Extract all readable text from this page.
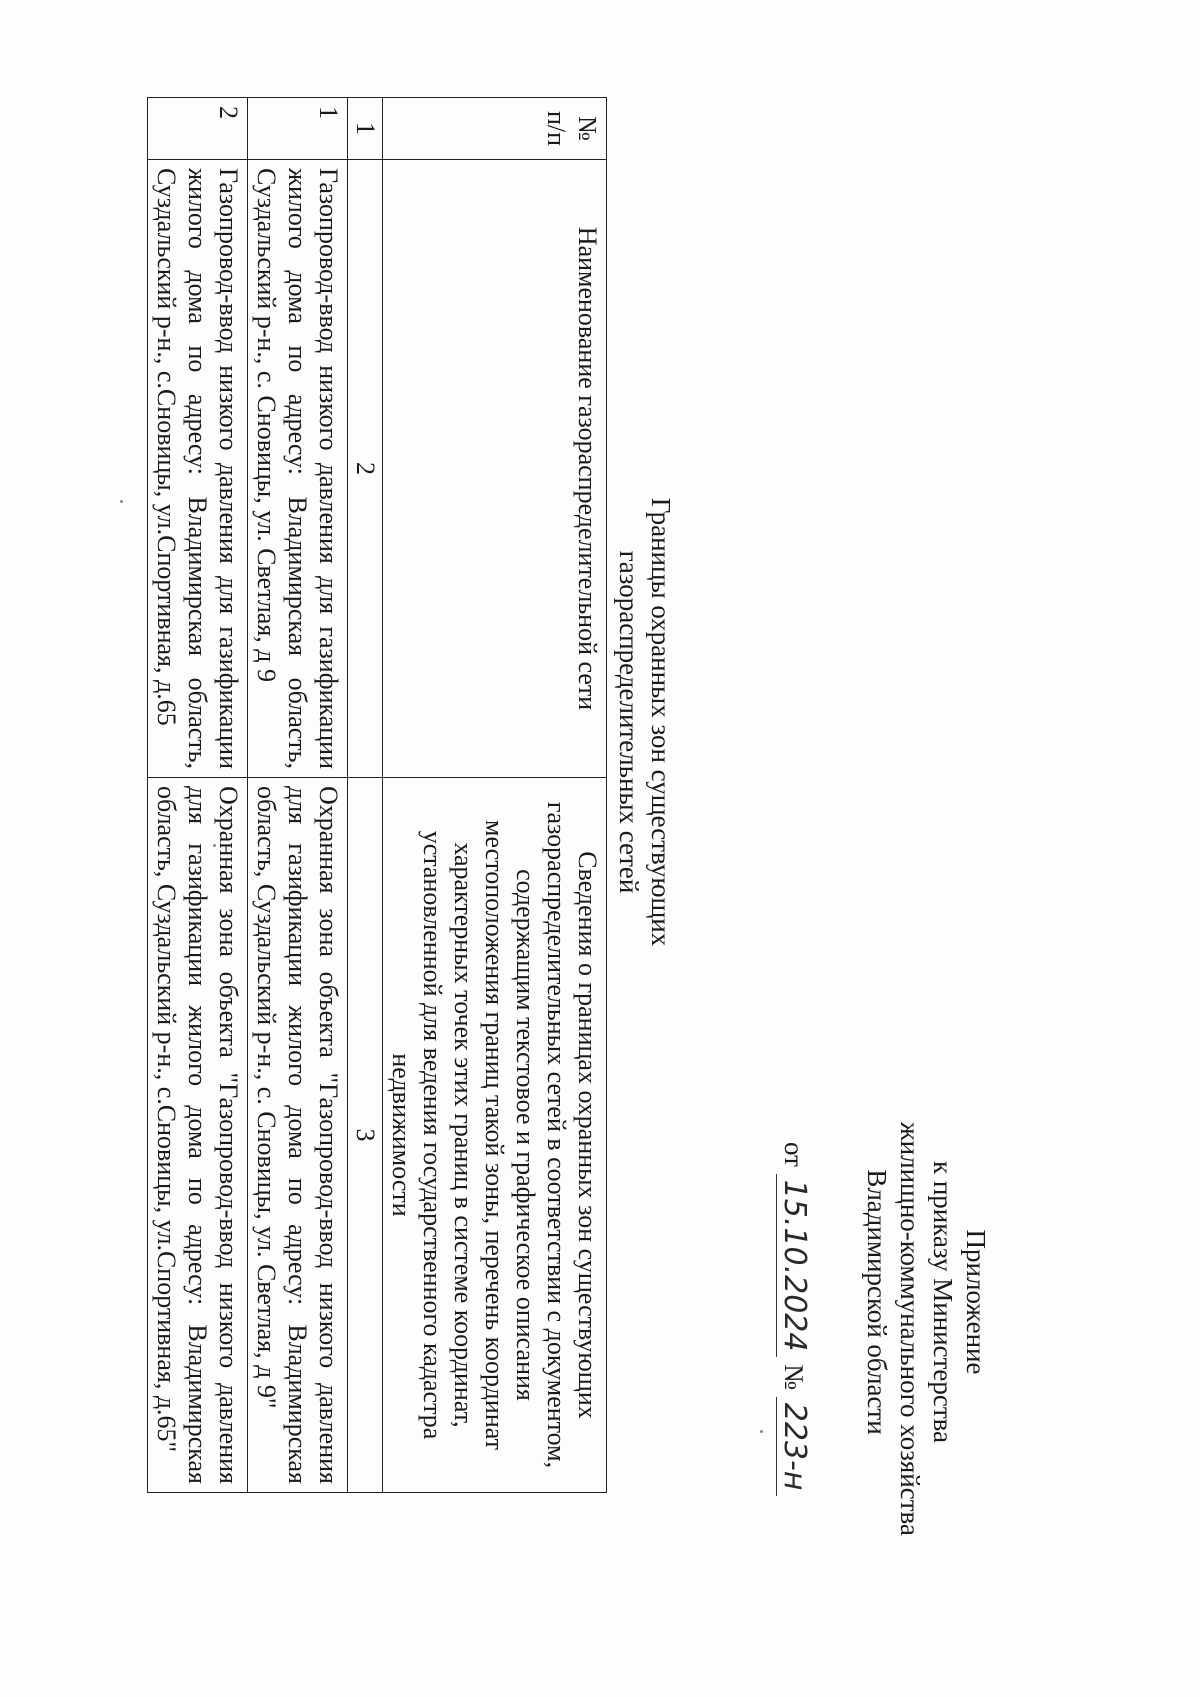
Приложение
к приказу Министерства
жилищно-коммунального хозяйства
Владимирской области
от 15.10.2024 № 223-н
Границы охранных зон существующих
газораспределительных сетей
№ п/п	Наименование газораспределительной сети	Сведения о границах охранных зон существующих газораспределительных сетей в соответствии с документом, содержащим текстовое и графическое описания местоположения границ такой зоны, перечень координат характерных точек этих границ в системе координат, установленной для ведения государственного кадастра недвижимости
1	2	3
1	Газопровод-ввод низкого давления для газификации жилого дома по адресу: Владимирская область, Суздальский р-н., с. Сновицы, ул. Светлая, д 9	Охранная зона объекта "Газопровод-ввод низкого давления для газификации жилого дома по адресу: Владимирская область, Суздальский р-н., с. Сновицы, ул. Светлая, д 9"
2	Газопровод-ввод низкого давления для газификации жилого дома по адресу: Владимирская область, Суздальский р-н., с.Сновицы, ул.Спортивная, д.65	Охранная зона объекта "Газопровод-ввод низкого давления для газификации жилого дома по адресу: Владимирская область, Суздальский р-н., с.Сновицы, ул.Спортивная, д.65"
